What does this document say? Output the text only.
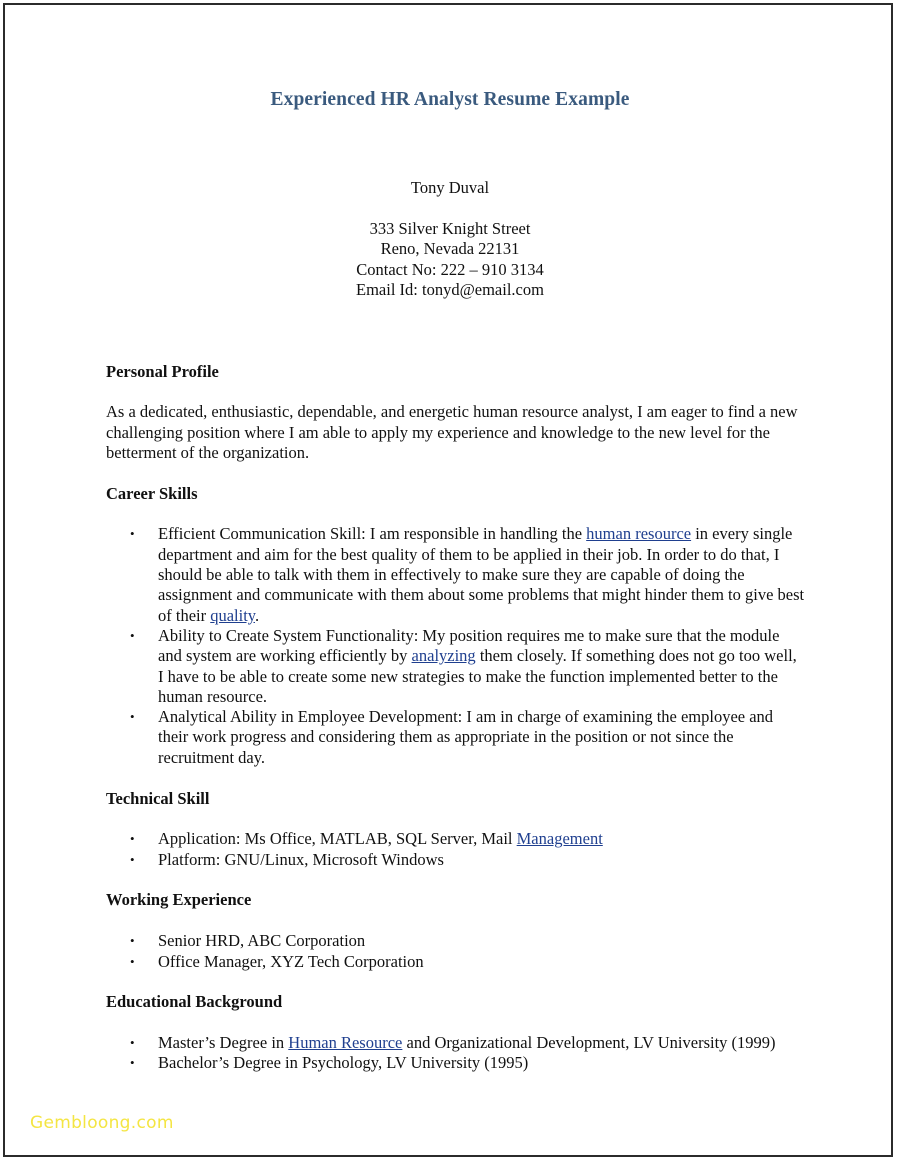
Experienced HR Analyst Resume Example
Tony Duval
333 Silver Knight Street
Reno, Nevada 22131
Contact No: 222 – 910 3134
Email Id: tonyd@email.com

Personal Profile

As a dedicated, enthusiastic, dependable, and energetic human resource analyst, I am eager to find a new challenging position where I am able to apply my experience and knowledge to the new level for the betterment of the organization.

Career Skills

• Efficient Communication Skill: I am responsible in handling the human resource in every single department and aim for the best quality of them to be applied in their job. In order to do that, I should be able to talk with them in effectively to make sure they are capable of doing the assignment and communicate with them about some problems that might hinder them to give best of their quality.
• Ability to Create System Functionality: My position requires me to make sure that the module and system are working efficiently by analyzing them closely. If something does not go too well, I have to be able to create some new strategies to make the function implemented better to the human resource.
• Analytical Ability in Employee Development: I am in charge of examining the employee and their work progress and considering them as appropriate in the position or not since the recruitment day.

Technical Skill

• Application: Ms Office, MATLAB, SQL Server, Mail Management
• Platform: GNU/Linux, Microsoft Windows

Working Experience

• Senior HRD, ABC Corporation
• Office Manager, XYZ Tech Corporation

Educational Background

• Master’s Degree in Human Resource and Organizational Development, LV University (1999)
• Bachelor’s Degree in Psychology, LV University (1995)
Gembloong.com
